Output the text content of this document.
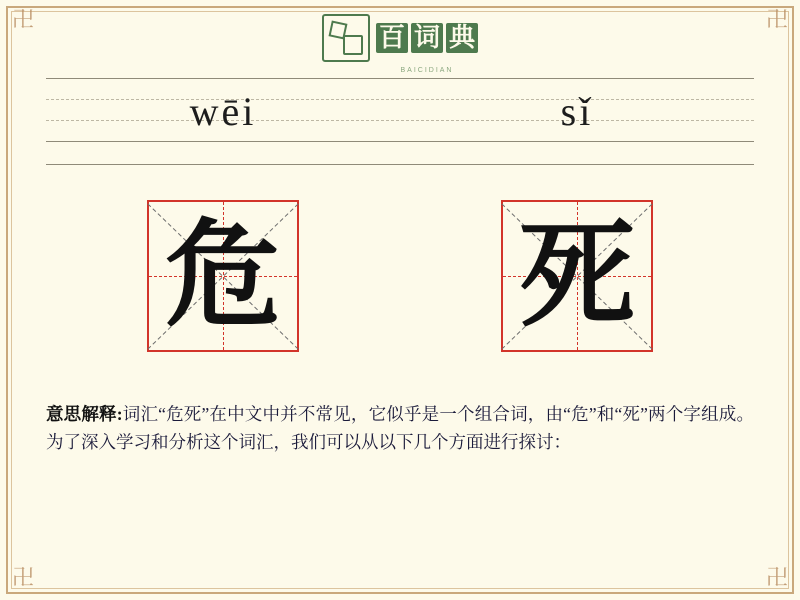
卍	卍
卍	卍
百 词 典
BAICIDIAN
wēi	sǐ
危 死
意思解释:词汇“危死”在中文中并不常见，它似乎是一个组合词，由“危”和“死”两个字组成。为了深入学习和分析这个词汇，我们可以从以下几个方面进行探讨：
